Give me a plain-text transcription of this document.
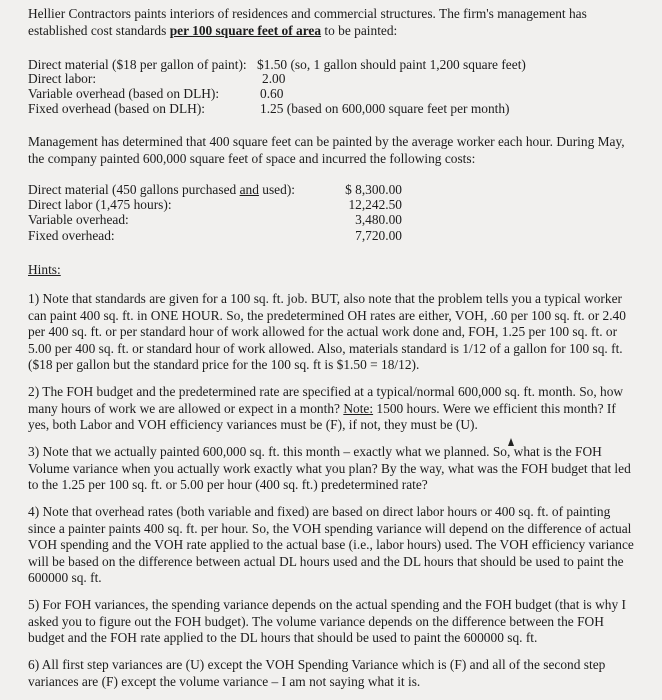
Hellier Contractors paints interiors of residences and commercial structures. The firm's management has established cost standards per 100 square feet of area to be painted:
Direct material ($18 per gallon of paint): $1.50 (so, 1 gallon should paint 1,200 square feet)
Direct labor:	2.00
Variable overhead (based on DLH):	0.60
Fixed overhead (based on DLH):	1.25 (based on 600,000 square feet per month)
Management has determined that 400 square feet can be painted by the average worker each hour. During May, the company painted 600,000 square feet of space and incurred the following costs:
Direct material (450 gallons purchased and used):	$ 8,300.00
Direct labor (1,475 hours):	12,242.50
Variable overhead:	3,480.00
Fixed overhead:	7,720.00
Hints:
1) Note that standards are given for a 100 sq. ft. job. BUT, also note that the problem tells you a typical worker can paint 400 sq. ft. in ONE HOUR. So, the predetermined OH rates are either, VOH, .60 per 100 sq. ft. or 2.40 per 400 sq. ft. or per standard hour of work allowed for the actual work done and, FOH, 1.25 per 100 sq. ft. or 5.00 per 400 sq. ft. or standard hour of work allowed. Also, materials standard is 1/12 of a gallon for 100 sq. ft. ($18 per gallon but the standard price for the 100 sq. ft is $1.50 = 18/12).
2) The FOH budget and the predetermined rate are specified at a typical/normal 600,000 sq. ft. month. So, how many hours of work we are allowed or expect in a month? Note: 1500 hours. Were we efficient this month? If yes, both Labor and VOH efficiency variances must be (F), if not, they must be (U).
3) Note that we actually painted 600,000 sq. ft. this month – exactly what we planned. So, what is the FOH Volume variance when you actually work exactly what you plan? By the way, what was the FOH budget that led to the 1.25 per 100 sq. ft. or 5.00 per hour (400 sq. ft.) predetermined rate?
4) Note that overhead rates (both variable and fixed) are based on direct labor hours or 400 sq. ft. of painting since a painter paints 400 sq. ft. per hour. So, the VOH spending variance will depend on the difference of actual VOH spending and the VOH rate applied to the actual base (i.e., labor hours) used. The VOH efficiency variance will be based on the difference between actual DL hours used and the DL hours that should be used to paint the 600000 sq. ft.
5) For FOH variances, the spending variance depends on the actual spending and the FOH budget (that is why I asked you to figure out the FOH budget). The volume variance depends on the difference between the FOH budget and the FOH rate applied to the DL hours that should be used to paint the 600000 sq. ft.
6) All first step variances are (U) except the VOH Spending Variance which is (F) and all of the second step variances are (F) except the volume variance – I am not saying what it is.
